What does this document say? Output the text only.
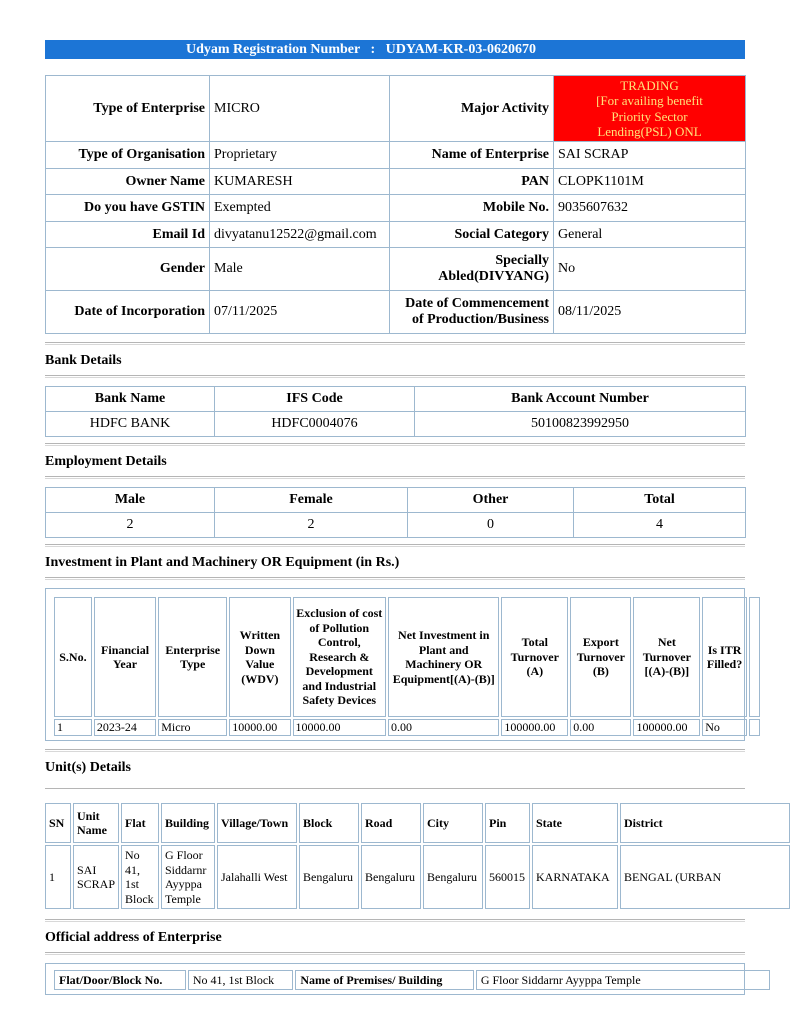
Udyam Registration Number : UDYAM-KR-03-0620670
Type of Enterprise	MICRO	Major Activity	TRADING
[For availing benefit
Priority Sector
Lending(PSL) ONL

Type of Organisation	Proprietary	Name of Enterprise	SAI SCRAP
Owner Name	KUMARESH	PAN	CLOPK1101M
Do you have GSTIN	Exempted	Mobile No.	9035607632
Email Id	divyatanu12522@gmail.com	Social Category	General
Gender	Male	Specially
Abled(DIVYANG)	No
Date of Incorporation	07/11/2025	Date of Commencement
of Production/Business	08/11/2025
Bank Details
Bank Name	IFS Code	Bank Account Number
HDFC BANK	HDFC0004076	50100823992950
Employment Details
Male	Female	Other	Total
2	2	0	4
Investment in Plant and Machinery OR Equipment (in Rs.)
S.No.	Financial Year	Enterprise Type	Written Down Value (WDV)	Exclusion of cost of Pollution Control, Research & Development and Industrial Safety Devices	Net Investment in Plant and Machinery OR Equipment[(A)-(B)]	Total Turnover (A)	Export Turnover (B)	Net Turnover [(A)-(B)]	Is ITR Filled?	
1	2023-24	Micro	10000.00	10000.00	0.00	100000.00	0.00	100000.00	No	
Unit(s) Details
SN	Unit Name	Flat	Building	Village/Town	Block	Road	City	Pin	State	District
1	SAI SCRAP	No 41, 1st Block	G Floor Siddarnr Ayyppa Temple	Jalahalli West	Bengaluru	Bengaluru	Bengaluru	560015	KARNATAKA	BENGAL (URBAN
Official address of Enterprise
Flat/Door/Block No.	No 41, 1st Block	Name of Premises/ Building	G Floor Siddarnr Ayyppa Temple
